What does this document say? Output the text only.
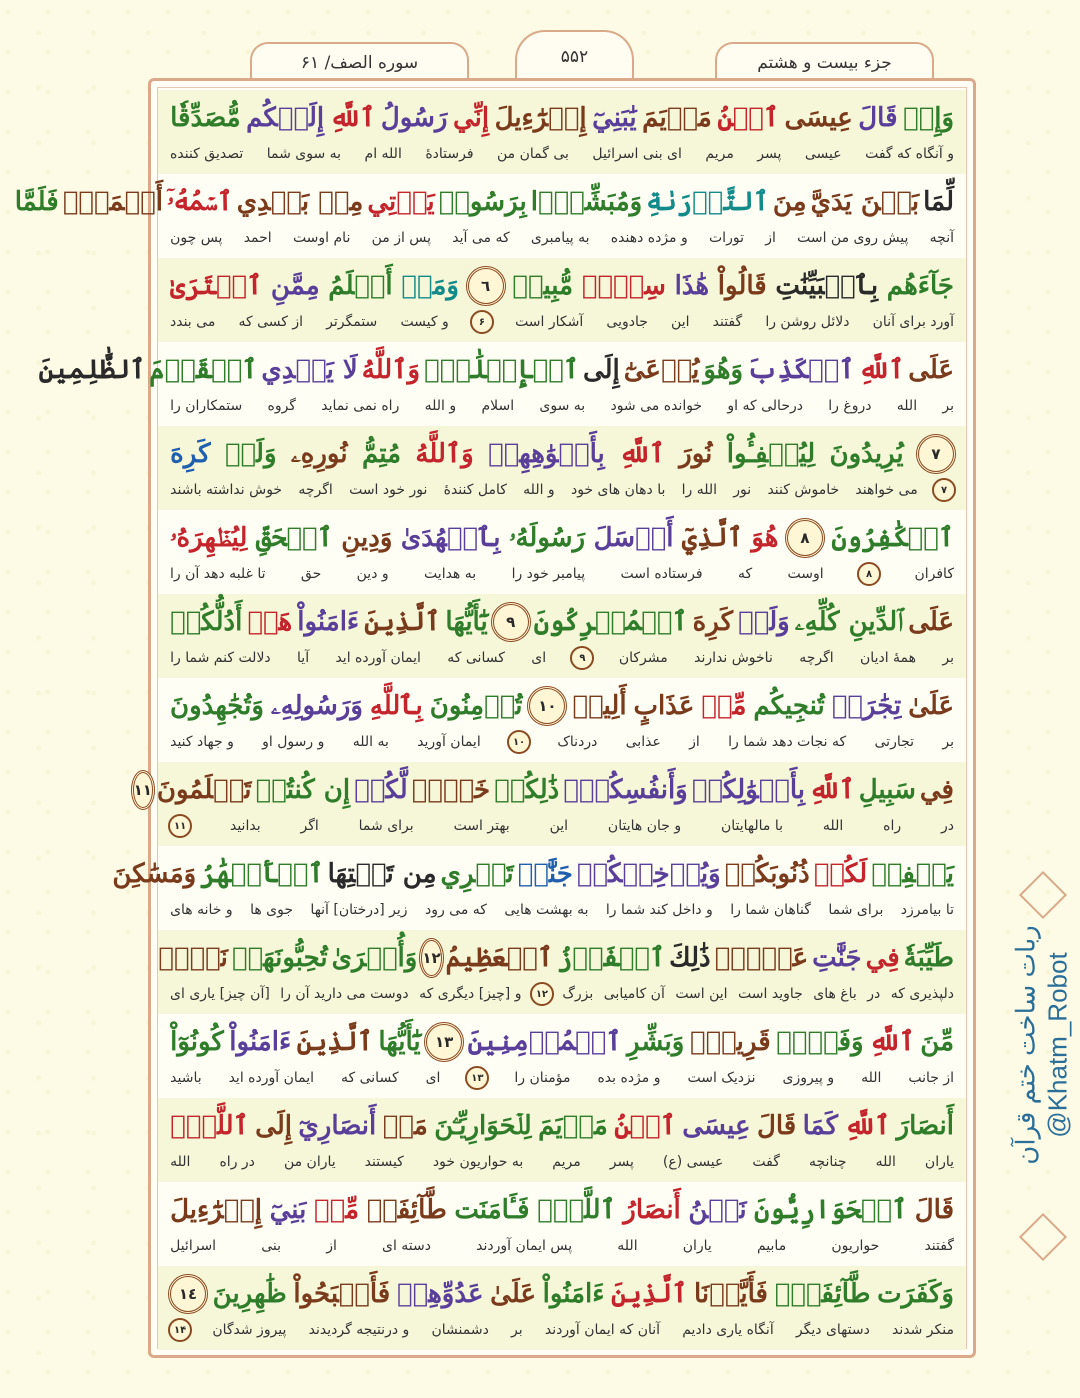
سوره الصف/ ۶۱	۵۵۲	جزء بیست و هشتم
وَإِذۡ
قَالَ
عِيسَى
ٱبۡنُ
مَرۡيَمَ
يَٰبَنِيٓ
إِسۡرَٰٓءِيلَ
إِنِّي
رَسُولُ
ٱللَّهِ
إِلَيۡكُم
مُّصَدِّقٗا
و آنگاه که گفت
عیسی
پسر
مریم
ای بنی اسرائیل
بی گمان من
فرستادۀ
الله ام
به سوی شما
تصدیق کننده
لِّمَا
بَيۡنَ يَدَيَّ
مِنَ
ٱلتَّوۡرَىٰةِ
وَمُبَشِّرَۢا
بِرَسُولٖ
يَأۡتِي
مِنۢ بَعۡدِي
ٱسۡمُهُۥٓ
أَحۡمَدُۖ
فَلَمَّا
آنچه
پیش روی من است
از
تورات
و مژده دهنده
به پیامبری
که می آید
پس از من
نام اوست
احمد
پس چون
جَآءَهُم
بِٱلۡبَيِّنَٰتِ
قَالُواْ
هَٰذَا
سِحۡرٞ
مُّبِينٞ
٦
وَمَنۡ
أَظۡلَمُ
مِمَّنِ
ٱفۡتَرَىٰ
آورد برای آنان
دلائل روشن را
گفتند
این
جادویی
آشکار است
۶
و کیست
ستمگرتر
از کسی که
می بندد
عَلَى
ٱللَّهِ
ٱلۡكَذِبَ
وَهُوَ
يُدۡعَىٰٓ
إِلَى
ٱلۡإِسۡلَٰمِۚ
وَٱللَّهُ
لَا يَهۡدِي
ٱلۡقَوۡمَ
ٱلظَّٰلِمِينَ
بر
الله
دروغ را
درحالی که او
خوانده می شود
به سوی
اسلام
و الله
راه نمی نماید
گروه
ستمکاران را
٧
يُرِيدُونَ
لِيُطۡفِـُٔواْ
نُورَ
ٱللَّهِ
بِأَفۡوَٰهِهِمۡ
وَٱللَّهُ
مُتِمُّ
نُورِهِۦ
وَلَوۡ
كَرِهَ
۷
می خواهند
خاموش کنند
نور
الله را
با دهان های خود
و الله
کامل کنندۀ
نور خود است
اگرچه
خوش نداشته باشند
ٱلۡكَٰفِرُونَ
٨
هُوَ
ٱلَّذِيٓ
أَرۡسَلَ
رَسُولَهُۥ
بِٱلۡهُدَىٰ
وَدِينِ
ٱلۡحَقِّ
لِيُظۡهِرَهُۥ
کافران
۸
اوست
که
فرستاده است
پیامبر خود را
به هدایت
و دین
حق
تا غلبه دهد آن را
عَلَى
ٱلدِّينِ كُلِّهِۦ
وَلَوۡ
كَرِهَ
ٱلۡمُشۡرِكُونَ
٩
يَٰٓأَيُّهَا
ٱلَّذِينَ
ءَامَنُواْ
هَلۡ
أَدُلُّكُمۡ
بر
همۀ ادیان
اگرچه
ناخوش ندارند
مشرکان
۹
ای
کسانی که
ایمان آورده اید
آیا
دلالت کنم شما را
عَلَىٰ
تِجَٰرَةٖ
تُنجِيكُم
مِّنۡ
عَذَابٍ
أَلِيمٖ
١٠
تُؤۡمِنُونَ
بِٱللَّهِ
وَرَسُولِهِۦ
وَتُجَٰهِدُونَ
بر
تجارتی
که نجات دهد شما را
از
عذابی
دردناک
۱۰
ایمان آورید
به الله
و رسول او
و جهاد کنید
فِي
سَبِيلِ
ٱللَّهِ
بِأَمۡوَٰلِكُمۡ
وَأَنفُسِكُمۡۚ
ذَٰلِكُمۡ
خَيۡرٞ
لَّكُمۡ
إِن كُنتُمۡ
تَعۡلَمُونَ
١١
در
راه
الله
با مالهایتان
و جان هایتان
این
بهتر است
برای شما
اگر
بدانید
۱۱
يَغۡفِرۡ
لَكُمۡ
ذُنُوبَكُمۡ
وَيُدۡخِلۡكُمۡ
جَنَّٰتٖ
تَجۡرِي
مِن تَحۡتِهَا
ٱلۡأَنۡهَٰرُ
وَمَسَٰكِنَ
تا بیامرزد
برای شما
گناهان شما را
و داخل کند شما را
به بهشت هایی
که می رود
زیر [درختان] آنها
جوی ها
و خانه های
طَيِّبَةٗ
فِي
جَنَّٰتِ
عَدۡنٖۚ
ذَٰلِكَ
ٱلۡفَوۡزُ
ٱلۡعَظِيمُ
١٢
وَأُخۡرَىٰ
تُحِبُّونَهَاۖ
نَصۡرٞ
دلپذیری که
در
باغ های
جاوید است
این است
آن کامیابی
بزرگ
۱۲
و [چیز] دیگری که
دوست می دارید آن را
[آن چیز] یاری ای
مِّنَ
ٱللَّهِ
وَفَتۡحٞ
قَرِيبٞۗ
وَبَشِّرِ
ٱلۡمُؤۡمِنِينَ
١٣
يَٰٓأَيُّهَا
ٱلَّذِينَ
ءَامَنُواْ
كُونُوٓاْ
از جانب
الله
و پیروزی
نزدیک است
و مژده بده
مؤمنان را
۱۳
ای
کسانی که
ایمان آورده اید
باشید
أَنصَارَ
ٱللَّهِ
كَمَا
قَالَ
عِيسَى
ٱبۡنُ
مَرۡيَمَ
لِلۡحَوَارِيِّـۧنَ
مَنۡ
أَنصَارِيٓ
إِلَى
ٱللَّهِۖ
یاران
الله
چنانچه
گفت
عیسی (ع)
پسر
مریم
به حواریون خود
کیستند
یاران من
در راه
الله
قَالَ
ٱلۡحَوَارِيُّونَ
نَحۡنُ
أَنصَارُ
ٱللَّهِۖ
فَـَٔامَنَت
طَّآئِفَةٞ
مِّنۢ
بَنِيٓ
إِسۡرَٰٓءِيلَ
گفتند
حواریون
مابیم
یاران
الله
پس ایمان آوردند
دسته ای
از
بنی
اسرائیل
وَكَفَرَت
طَّآئِفَةٞۖ
فَأَيَّدۡنَا
ٱلَّذِينَ
ءَامَنُواْ
عَلَىٰ
عَدُوِّهِمۡ
فَأَصۡبَحُواْ
ظَٰهِرِينَ
١٤
منکر شدند
دستهای دیگر
آنگاه یاری دادیم
آنان که ایمان آوردند
بر
دشمنشان
و درنتیجه گردیدند
پیروز شدگان
۱۴
ربات ساخت ختم قرآن @Khatm_Robot
